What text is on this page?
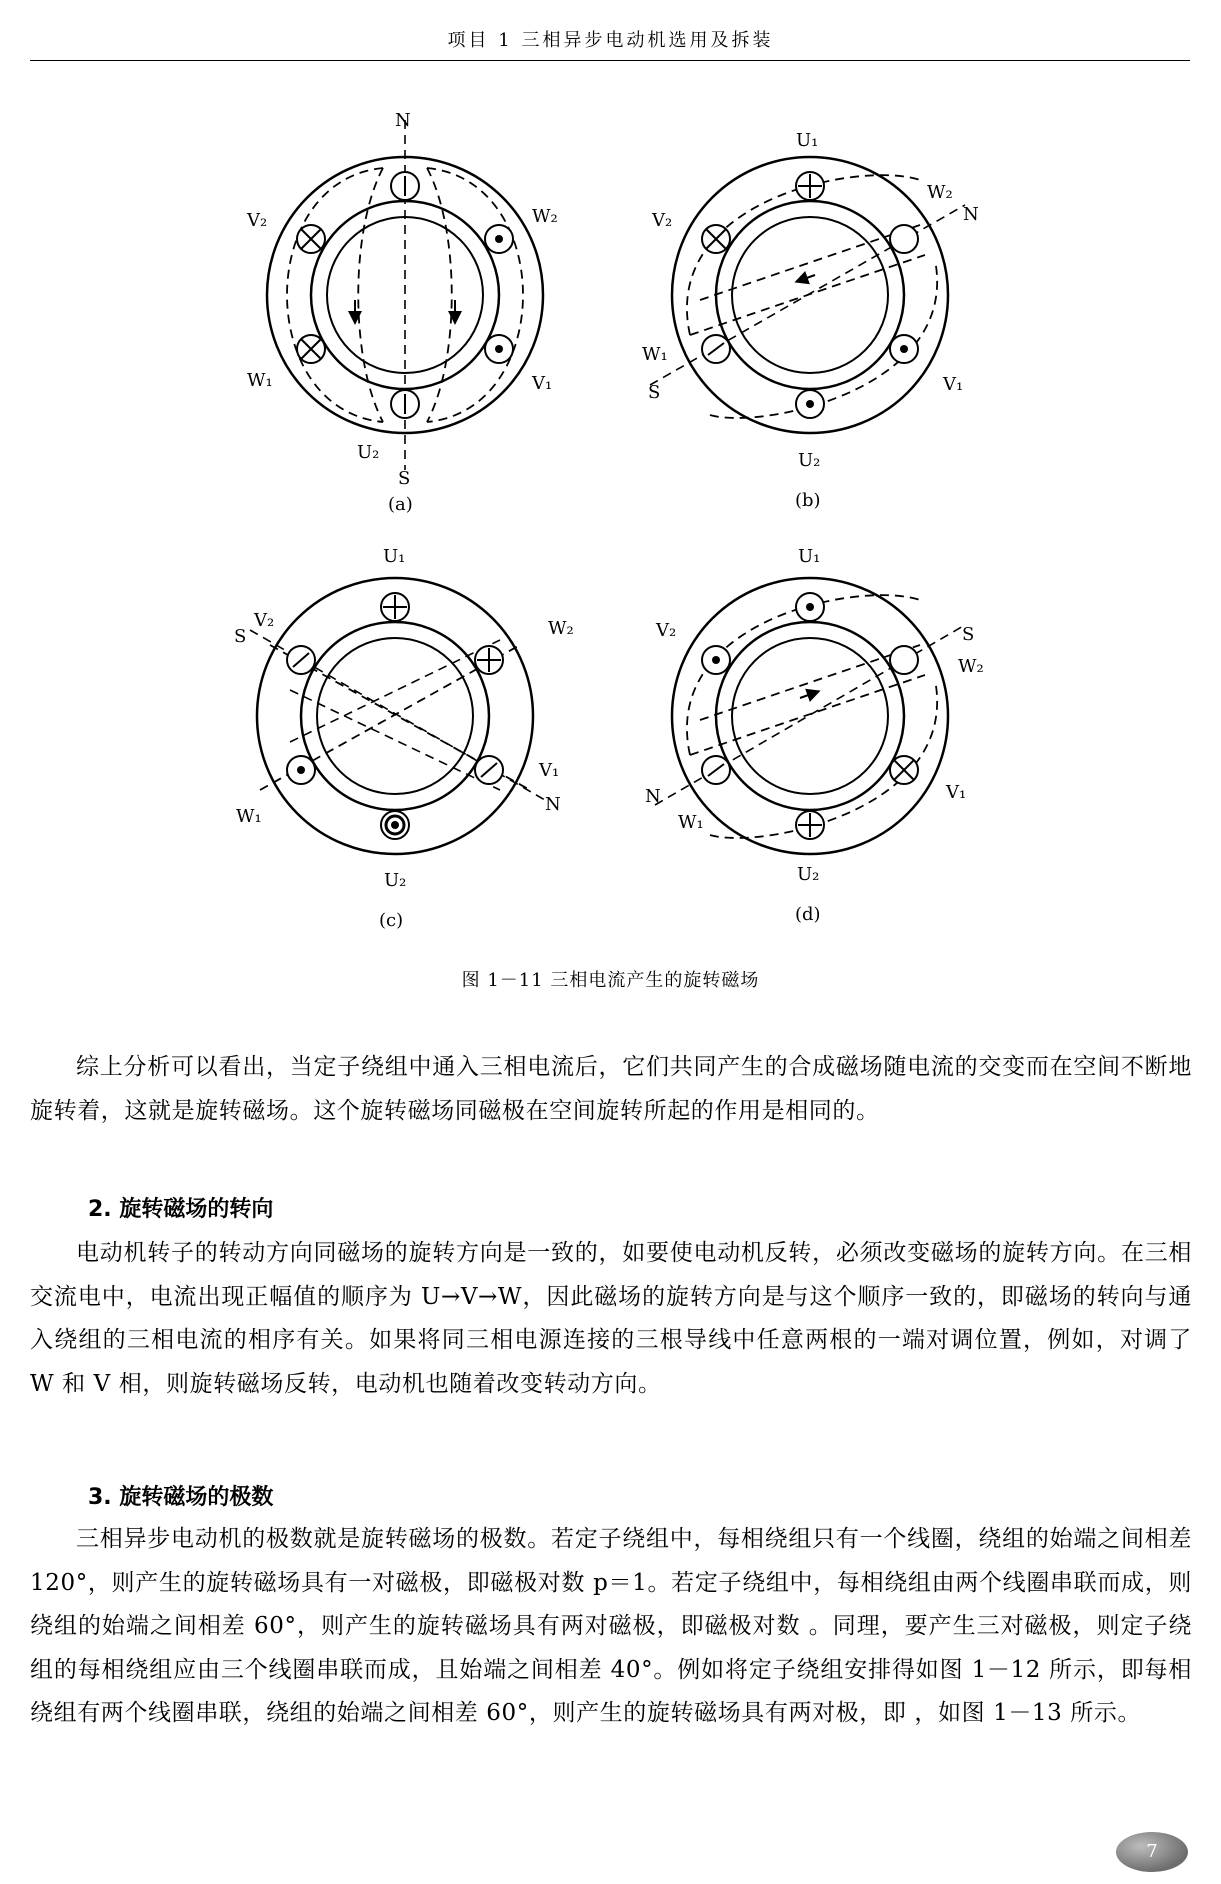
项目 1 三相异步电动机选用及拆装
N
S
V₂	W₂
W₁	V₁
U₂
(a)
U₁
W₂
N
V₂
W₁
S	V₁
U₂
(b)
U₁
V₂
S	W₂
V₁
N
W₁
U₂
(c)
U₁
V₂	S
W₂
V₁
N
W₁
U₂
(d)
图 1－11 三相电流产生的旋转磁场

综上分析可以看出，当定子绕组中通入三相电流后，它们共同产生的合成磁场随电流的交变而在空间不断地旋转着，这就是旋转磁场。这个旋转磁场同磁极在空间旋转所起的作用是相同的。

2. 旋转磁场的转向

电动机转子的转动方向同磁场的旋转方向是一致的，如要使电动机反转，必须改变磁场的旋转方向。在三相交流电中，电流出现正幅值的顺序为 U→V→W，因此磁场的旋转方向是与这个顺序一致的，即磁场的转向与通入绕组的三相电流的相序有关。如果将同三相电源连接的三根导线中任意两根的一端对调位置，例如，对调了 W 和 V 相，则旋转磁场反转，电动机也随着改变转动方向。

3. 旋转磁场的极数

三相异步电动机的极数就是旋转磁场的极数。若定子绕组中，每相绕组只有一个线圈，绕组的始端之间相差 120°，则产生的旋转磁场具有一对磁极，即磁极对数 p＝1。若定子绕组中，每相绕组由两个线圈串联而成，则绕组的始端之间相差 60°，则产生的旋转磁场具有两对磁极，即磁极对数 。同理，要产生三对磁极，则定子绕组的每相绕组应由三个线圈串联而成，且始端之间相差 40°。例如将定子绕组安排得如图 1－12 所示，即每相绕组有两个线圈串联，绕组的始端之间相差 60°，则产生的旋转磁场具有两对极，即 ，如图 1－13 所示。

7
